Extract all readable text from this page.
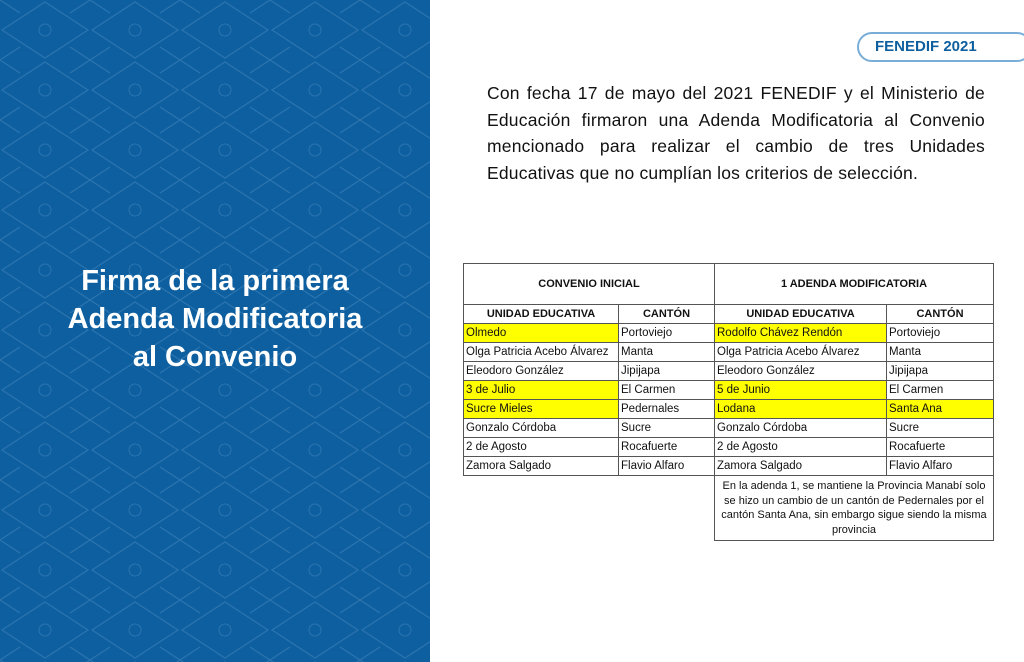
Firma de la primera
Adenda Modificatoria
al Convenio
FENEDIF 2021
Con fecha 17 de mayo del 2021 FENEDIF y el Ministerio de Educación firmaron una Adenda Modificatoria al Convenio mencionado para realizar el cambio de tres Unidades Educativas que no cumplían los criterios de selección.
CONVENIO INICIAL		1 ADENDA MODIFICATORIA	
UNIDAD EDUCATIVA	CANTÓN	UNIDAD EDUCATIVA	CANTÓN
Olmedo	Portoviejo	Rodolfo Chávez Rendón	Portoviejo
Olga Patricia Acebo Álvarez	Manta	Olga Patricia Acebo Álvarez	Manta
Eleodoro González	Jipijapa	Eleodoro González	Jipijapa
3 de Julio	El Carmen	5 de Junio	El Carmen
Sucre Mieles	Pedernales	Lodana	Santa Ana
Gonzalo Córdoba	Sucre	Gonzalo Córdoba	Sucre
2 de Agosto	Rocafuerte	2 de Agosto	Rocafuerte
Zamora Salgado	Flavio Alfaro	Zamora Salgado	Flavio Alfaro
		En la adenda 1, se mantiene la Provincia Manabí solo se hizo un cambio de un cantón de Pedernales por el cantón Santa Ana, sin embargo sigue siendo la misma provincia	
